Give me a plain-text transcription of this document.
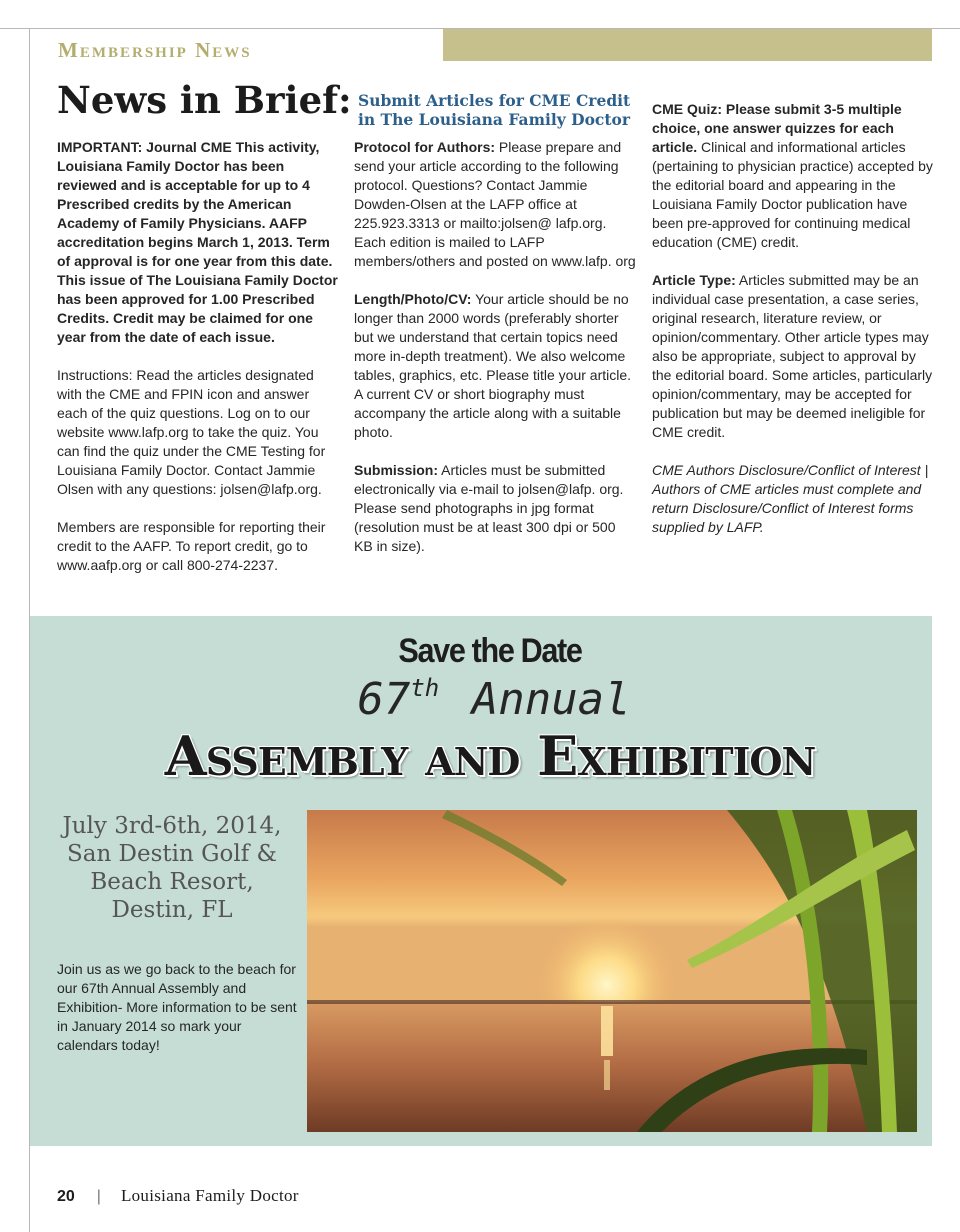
Membership News
News in Brief:

IMPORTANT: Journal CME This activity, Louisiana Family Doctor has been reviewed and is acceptable for up to 4 Prescribed credits by the American Academy of Family Physicians. AAFP accreditation begins March 1, 2013. Term of approval is for one year from this date. This issue of The Louisiana Family Doctor has been approved for 1.00 Prescribed Credits. Credit may be claimed for one year from the date of each issue.

Instructions: Read the articles designated with the CME and FPIN icon and answer each of the quiz questions. Log on to our website www.lafp.org to take the quiz. You can find the quiz under the CME Testing for Louisiana Family Doctor. Contact Jammie Olsen with any questions: jolsen@lafp.org.

Members are responsible for reporting their credit to the AAFP. To report credit, go to www.aafp.org or call 800-274-2237.

Submit Articles for CME Credit in The Louisiana Family Doctor

Protocol for Authors: Please prepare and send your article according to the following protocol. Questions? Contact Jammie Dowden-Olsen at the LAFP office at 225.923.3313 or mailto:jolsen@ lafp.org. Each edition is mailed to LAFP members/others and posted on www.lafp. org

Length/Photo/CV: Your article should be no longer than 2000 words (preferably shorter but we understand that certain topics need more in-depth treatment). We also welcome tables, graphics, etc. Please title your article. A current CV or short biography must accompany the article along with a suitable photo.

Submission: Articles must be submitted electronically via e-mail to jolsen@lafp. org. Please send photographs in jpg format (resolution must be at least 300 dpi or 500 KB in size).

CME Quiz: Please submit 3-5 multiple choice, one answer quizzes for each article. Clinical and informational articles (pertaining to physician practice) accepted by the editorial board and appearing in the Louisiana Family Doctor publication have been pre-approved for continuing medical education (CME) credit.

Article Type: Articles submitted may be an individual case presentation, a case series, original research, literature review, or opinion/commentary. Other article types may also be appropriate, subject to approval by the editorial board. Some articles, particularly opinion/commentary, may be accepted for publication but may be deemed ineligible for CME credit.

CME Authors Disclosure/Conflict of Interest | Authors of CME articles must complete and return Disclosure/Conflict of Interest forms supplied by LAFP.

Save the Date
67th Annual
Assembly and Exhibition
July 3rd-6th, 2014,
San Destin Golf &
Beach Resort,
Destin, FL
Join us as we go back to the beach for our 67th Annual Assembly and Exhibition- More information to be sent in January 2014 so mark your calendars today!
20 | Louisiana Family Doctor
